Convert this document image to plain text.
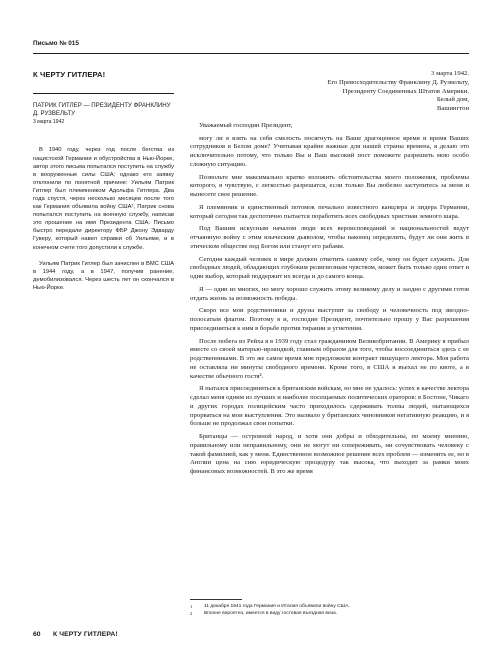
Письмо № 015
К ЧЕРТУ ГИТЛЕРА!
ПАТРИК ГИТЛЕР — ПРЕЗИДЕНТУ ФРАНКЛИНУ Д. РУЗВЕЛЬТУ
3 марта 1942

В 1940 году, через год после бегства из нацистской Германии и обустройства в Нью-Йорке, автор этого письма попытался поступить на службу в вооруженные силы США; однако его заявку отклонили по понятной причине: Уильям Патрик Гитлер был племянником Адольфа Гитлера. Два года спустя, через несколько месяцев после того как Германия объявила войну США¹, Патрик снова попытался поступить на военную службу, написав это прошение на имя Президента США. Письмо быстро передали директору ФБР Джону Эдварду Гуверу, который навел справки об Уильяме, и в конечном счете того допустили к службе.

Уильям Патрик Гитлер был зачислен в ВМС США в 1944 году, а в 1947, получив ранение, демобилизовался. Через шесть лет он скончался в Нью-Йорке.

3 марта 1942.
Его Превосходительству Франклину Д. Рузвельту,
Президенту Соединенных Штатов Америки.
Белый дом,
Вашингтон
Уважаемый господин Президент,

могу ли я взять на себя смелость посягнуть на Ваше драгоценное время и время Ваших сотрудников в Белом доме? Учитывая крайне важные для нашей страны времена, я делаю это исключительно потому, что только Вы и Ваш высокий пост поможете разрешить мою особо сложную ситуацию.

Позвольте мне максимально кратко изложить обстоятельства моего положения, проблемы которого, я чувствую, с легкостью разрешатся, если только Вы любезно заступитесь за меня и вынесете свое решение.

Я племянник и единственный потомок печально известного канцлера и лидера Германии, который сегодня так деспотично пытается поработить всех свободных христиан земного шара.

Под Вашим искусным началом люди всех вероисповеданий и национальностей ведут отчаянную войну с этим языческим дьяволом, чтобы наконец определить, будут ли они жить в этическом обществе под Богом или станут его рабами.

Сегодня каждый человек в мире должен ответить самому себе, чему он будет служить. Для свободных людей, обладающих глубоким религиозным чувством, может быть только один ответ и один выбор, который поддержит их всегда и до самого конца.

Я — один из многих, но могу хорошо служить этому великому делу и заодно с другими готов отдать жизнь за возможность победы.

Скоро все мои родственники и друзы выступят за свободу и человечность под звездно-полосатым флагом. Поэтому я и, господин Президент, почтительно прошу у Вас разрешения присоединиться к ним в борьбе против тирании и угнетения.

После побега из Рейха я в 1939 году стал гражданином Великобритании. В Америку я прибыл вместе со своей матерью-ирландкой, главным образом для того, чтобы воссоединиться здесь с ее родственниками. В это же самое время мне предложили контракт пишущего лектора. Моя работа не оставляла ни минуты свободного времени. Кроме того, в США я въехал не по квоте, а в качестве обычного гостя².

Я пытался присоединиться к британским войскам, но мне не удалось: успех в качестве лектора сделал меня одним из лучших и наиболее посещаемых политических ораторов: в Бостоне, Чикаго и других городах полицейским часто приходилось сдерживать толпы людей, пытающихся прорваться на мои выступления. Это вызвало у британских чиновников негативную реакцию, и я больше не продолжал свои попытки.

Британцы — островной народ, и хотя они добры и обходительны, по моему мнению, правильному или неправильному, они не могут ни сопереживать, ни сочувствовать человеку с такой фамилией, как у меня. Единственное возможное решение всех проблем — изменить ее, но в Англии цена на сию юридическую процедуру так высока, что выходит за рамки моих финансовых возможностей. В это же время

1	11 декабря 1941 года Германия и Италия объявили войну США.
2	Вполне вероятно, имеется в виду гостевая въездная виза.
60 К ЧЕРТУ ГИТЛЕРА!
